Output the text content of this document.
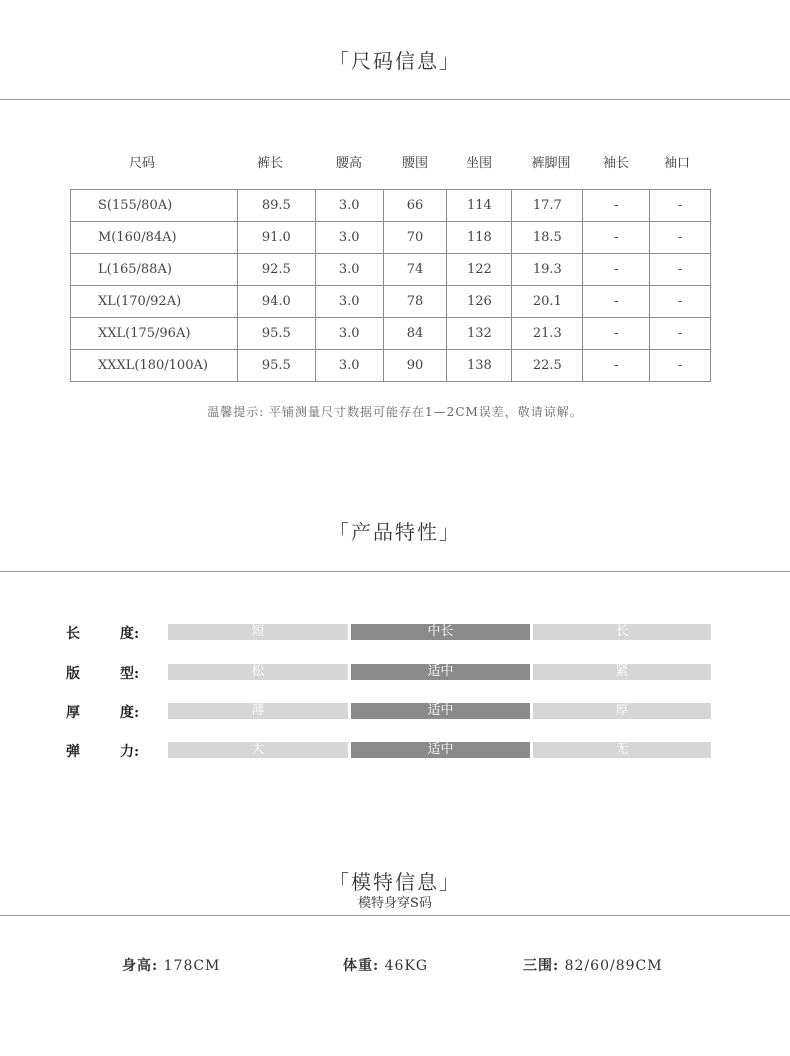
「尺码信息」
尺码	裤长	腰高	腰围	坐围	裤脚围	袖长	袖口
S(155/80A)	89.5	3.0	66	114	17.7	-	-
M(160/84A)	91.0	3.0	70	118	18.5	-	-
L(165/88A)	92.5	3.0	74	122	19.3	-	-
XL(170/92A)	94.0	3.0	78	126	20.1	-	-
XXL(175/96A)	95.5	3.0	84	132	21.3	-	-
XXXL(180/100A)	95.5	3.0	90	138	22.5	-	-
温馨提示: 平铺测量尺寸数据可能存在1—2CM误差，敬请谅解。
「产品特性」
长	度:	短	中长	长
版	型:	松	适中	紧
厚	度:	薄	适中	厚
弹	力:	大	适中	无
「模特信息」
模特身穿S码
身高: 178CM	体重: 46KG	三围: 82/60/89CM
